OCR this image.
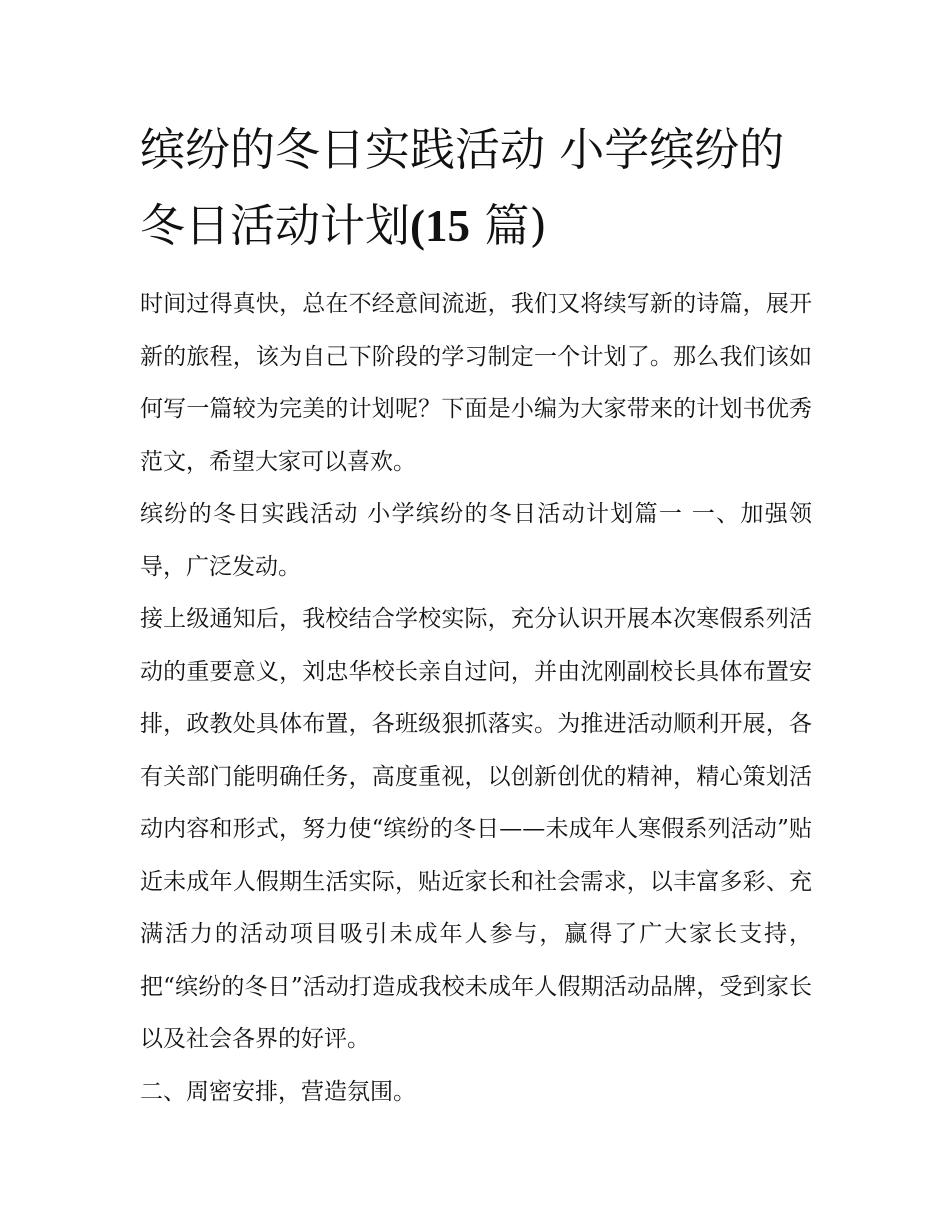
缤纷的冬日实践活动 小学缤纷的冬日活动计划(15 篇)

时间过得真快，总在不经意间流逝，我们又将续写新的诗篇，展开新的旅程，该为自己下阶段的学习制定一个计划了。那么我们该如何写一篇较为完美的计划呢？下面是小编为大家带来的计划书优秀范文，希望大家可以喜欢。

缤纷的冬日实践活动 小学缤纷的冬日活动计划篇一 一、加强领导，广泛发动。

接上级通知后，我校结合学校实际，充分认识开展本次寒假系列活动的重要意义，刘忠华校长亲自过问，并由沈刚副校长具体布置安排，政教处具体布置，各班级狠抓落实。为推进活动顺利开展，各有关部门能明确任务，高度重视，以创新创优的精神，精心策划活动内容和形式，努力使“缤纷的冬日——未成年人寒假系列活动”贴近未成年人假期生活实际，贴近家长和社会需求，以丰富多彩、充满活力的活动项目吸引未成年人参与，赢得了广大家长支持，把“缤纷的冬日”活动打造成我校未成年人假期活动品牌，受到家长以及社会各界的好评。

二、周密安排，营造氛围。
